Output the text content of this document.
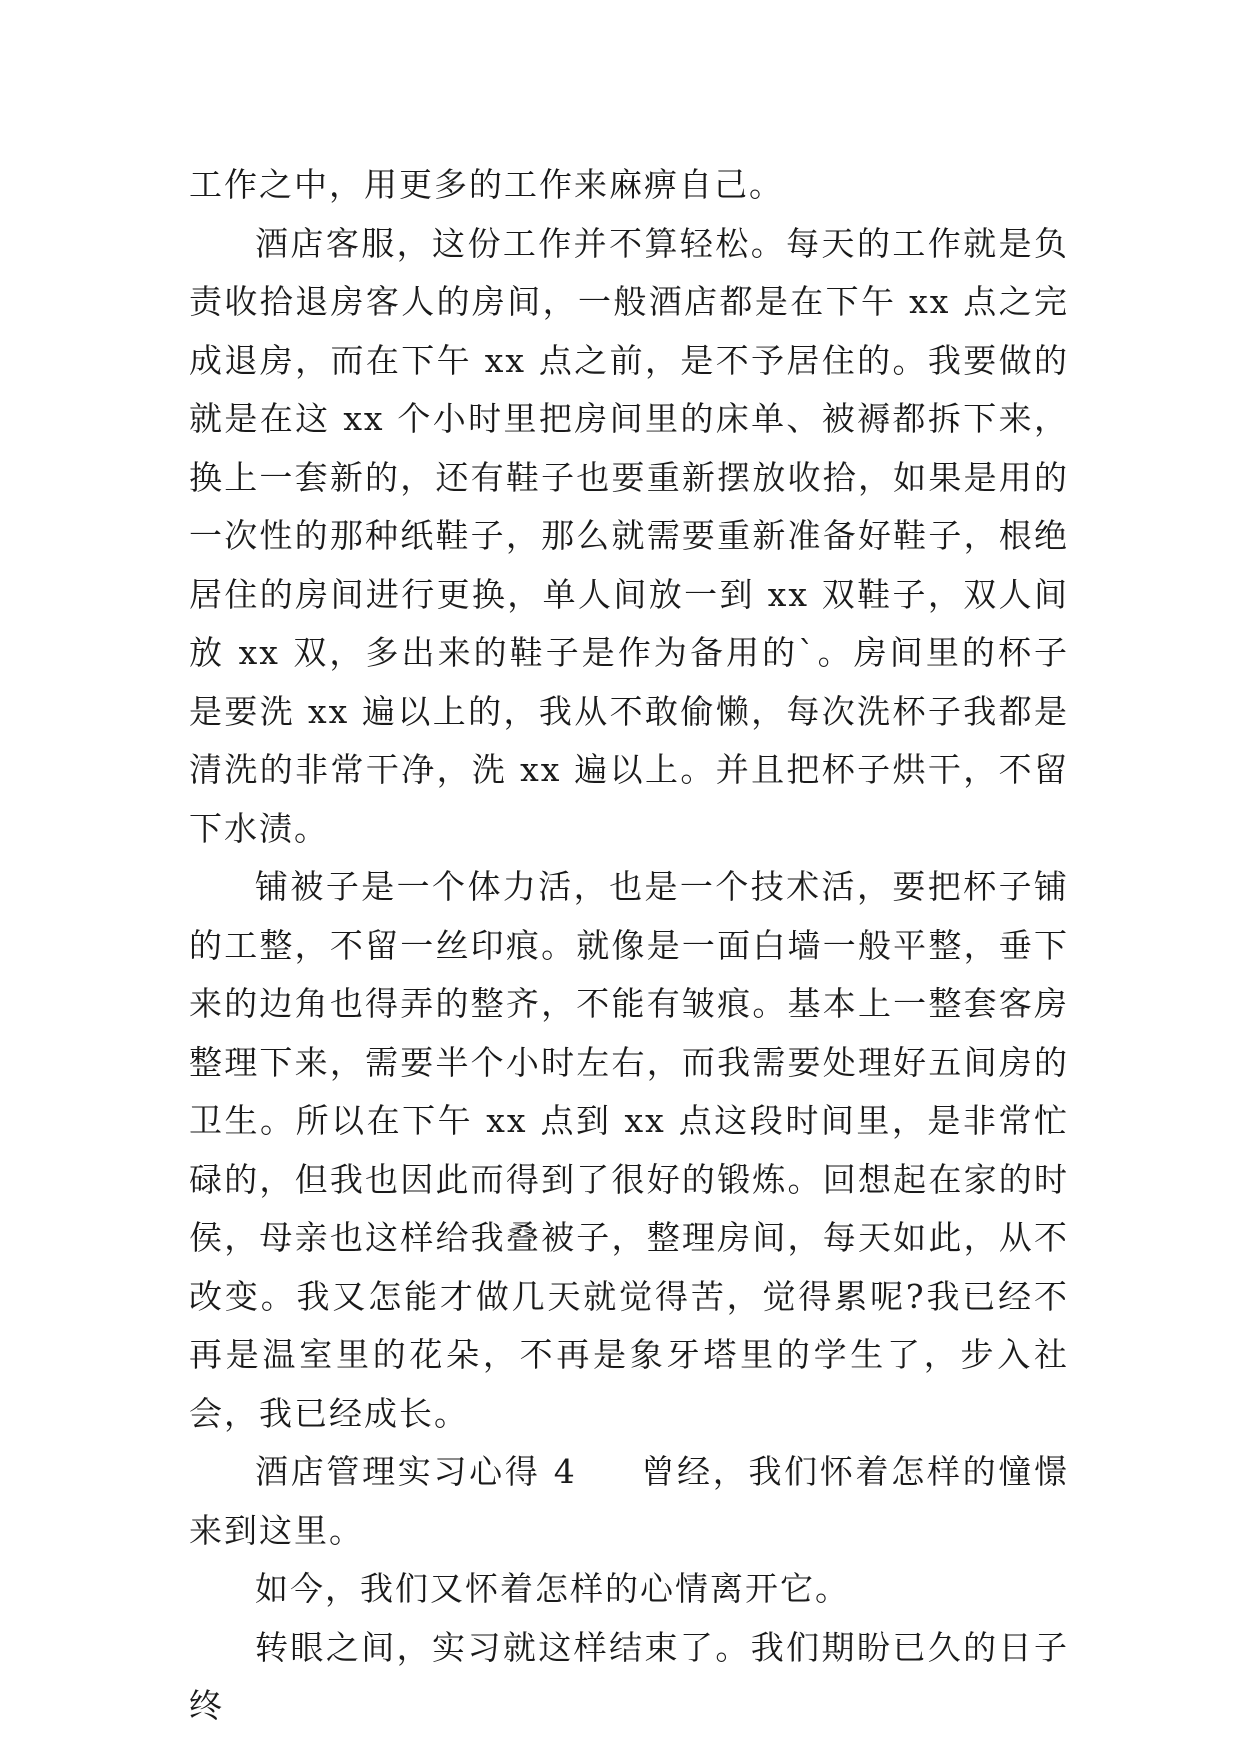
工作之中，用更多的工作来麻痹自己。

酒店客服，这份工作并不算轻松。每天的工作就是负责收拾退房客人的房间，一般酒店都是在下午 xx 点之完成退房，而在下午 xx 点之前，是不予居住的。我要做的就是在这 xx 个小时里把房间里的床单、被褥都拆下来，换上一套新的，还有鞋子也要重新摆放收拾，如果是用的一次性的那种纸鞋子，那么就需要重新准备好鞋子，根绝居住的房间进行更换，单人间放一到 xx 双鞋子，双人间放 xx 双，多出来的鞋子是作为备用的`。房间里的杯子是要洗 xx 遍以上的，我从不敢偷懒，每次洗杯子我都是清洗的非常干净，洗 xx 遍以上。并且把杯子烘干，不留下水渍。

铺被子是一个体力活，也是一个技术活，要把杯子铺的工整，不留一丝印痕。就像是一面白墙一般平整，垂下来的边角也得弄的整齐，不能有皱痕。基本上一整套客房整理下来，需要半个小时左右，而我需要处理好五间房的卫生。所以在下午 xx 点到 xx 点这段时间里，是非常忙碌的，但我也因此而得到了很好的锻炼。回想起在家的时侯，母亲也这样给我叠被子，整理房间，每天如此，从不改变。我又怎能才做几天就觉得苦，觉得累呢?我已经不再是温室里的花朵，不再是象牙塔里的学生了，步入社会，我已经成长。

酒店管理实习心得 4 曾经，我们怀着怎样的憧憬来到这里。

如今，我们又怀着怎样的心情离开它。

转眼之间，实习就这样结束了。我们期盼已久的日子终
